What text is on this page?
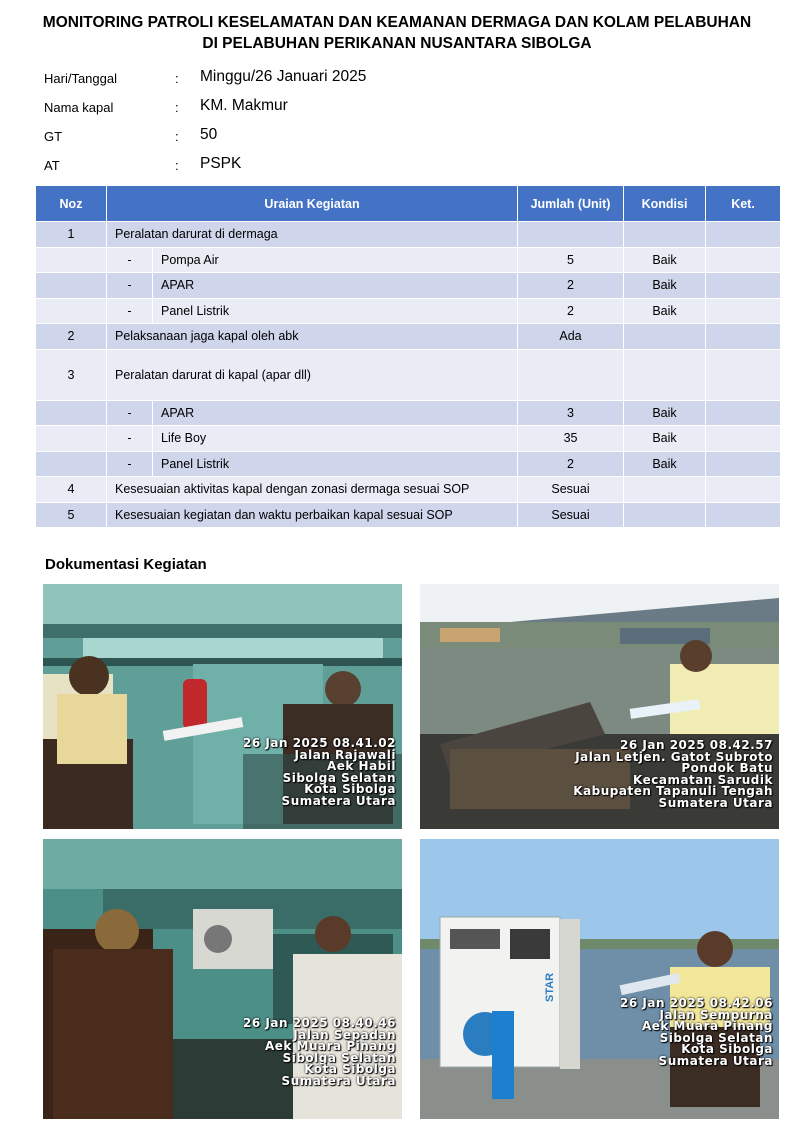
MONITORING PATROLI KESELAMATAN DAN KEAMANAN DERMAGA DAN KOLAM PELABUHAN
DI PELABUHAN PERIKANAN NUSANTARA SIBOLGA
Hari/Tanggal	: Minggu/26 Januari 2025
Nama kapal	: KM. Makmur
GT	: 50
AT	: PSPK
Noz	Uraian Kegiatan		Jumlah (Unit)	Kondisi	Ket.
1	Peralatan darurat di dermaga				
	-	Pompa Air	5	Baik	
	-	APAR	2	Baik	
	-	Panel Listrik	2	Baik	
2	Pelaksanaan jaga kapal oleh abk		Ada		
3	Peralatan darurat di kapal (apar dll)				
	-	APAR	3	Baik	
	-	Life Boy	35	Baik	
	-	Panel Listrik	2	Baik	
4	Kesesuaian aktivitas kapal dengan zonasi dermaga sesuai SOP		Sesuai		
5	Kesesuaian kegiatan dan waktu perbaikan kapal sesuai SOP		Sesuai		
Dokumentasi Kegiatan
26 Jan 2025 08.41.02
Jalan Rajawali
Aek Habil
Sibolga Selatan
Kota Sibolga
Sumatera Utara
26 Jan 2025 08.42.57
Jalan Letjen. Gatot Subroto
Pondok Batu
Kecamatan Sarudik
Kabupaten Tapanuli Tengah
Sumatera Utara
26 Jan 2025 08.40.46
Jalan Sepadan
Aek Muara Pinang
Sibolga Selatan
Kota Sibolga
Sumatera Utara
STAR
26 Jan 2025 08.42.06
Jalan Sempurna
Aek Muara Pinang
Sibolga Selatan
Kota Sibolga
Sumatera Utara
